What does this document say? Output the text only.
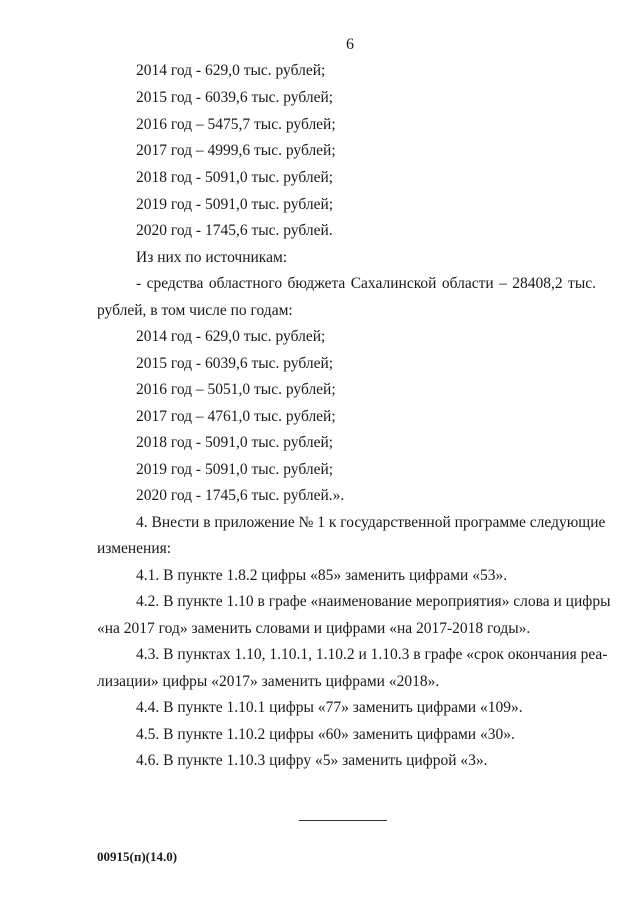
6
2014 год - 629,0 тыс. рублей;
2015 год - 6039,6 тыс. рублей;
2016 год – 5475,7 тыс. рублей;
2017 год – 4999,6 тыс. рублей;
2018 год - 5091,0 тыс. рублей;
2019 год - 5091,0 тыс. рублей;
2020 год - 1745,6 тыс. рублей.
Из них по источникам:
- средства областного бюджета Сахалинской области – 28408,2 тыс.
рублей, в том числе по годам:
2014 год - 629,0 тыс. рублей;
2015 год - 6039,6 тыс. рублей;
2016 год – 5051,0 тыс. рублей;
2017 год – 4761,0 тыс. рублей;
2018 год - 5091,0 тыс. рублей;
2019 год - 5091,0 тыс. рублей;
2020 год - 1745,6 тыс. рублей.».
4. Внести в приложение № 1 к государственной программе следующие
изменения:
4.1. В пункте 1.8.2 цифры «85» заменить цифрами «53».
4.2. В пункте 1.10 в графе «наименование мероприятия» слова и цифры
«на 2017 год» заменить словами и цифрами «на 2017-2018 годы».
4.3. В пунктах 1.10, 1.10.1, 1.10.2 и 1.10.3 в графе «срок окончания реа-
лизации» цифры «2017» заменить цифрами «2018».
4.4. В пункте 1.10.1 цифры «77» заменить цифрами «109».
4.5. В пункте 1.10.2 цифры «60» заменить цифрами «30».
4.6. В пункте 1.10.3 цифру «5» заменить цифрой «3».
00915(п)(14.0)
